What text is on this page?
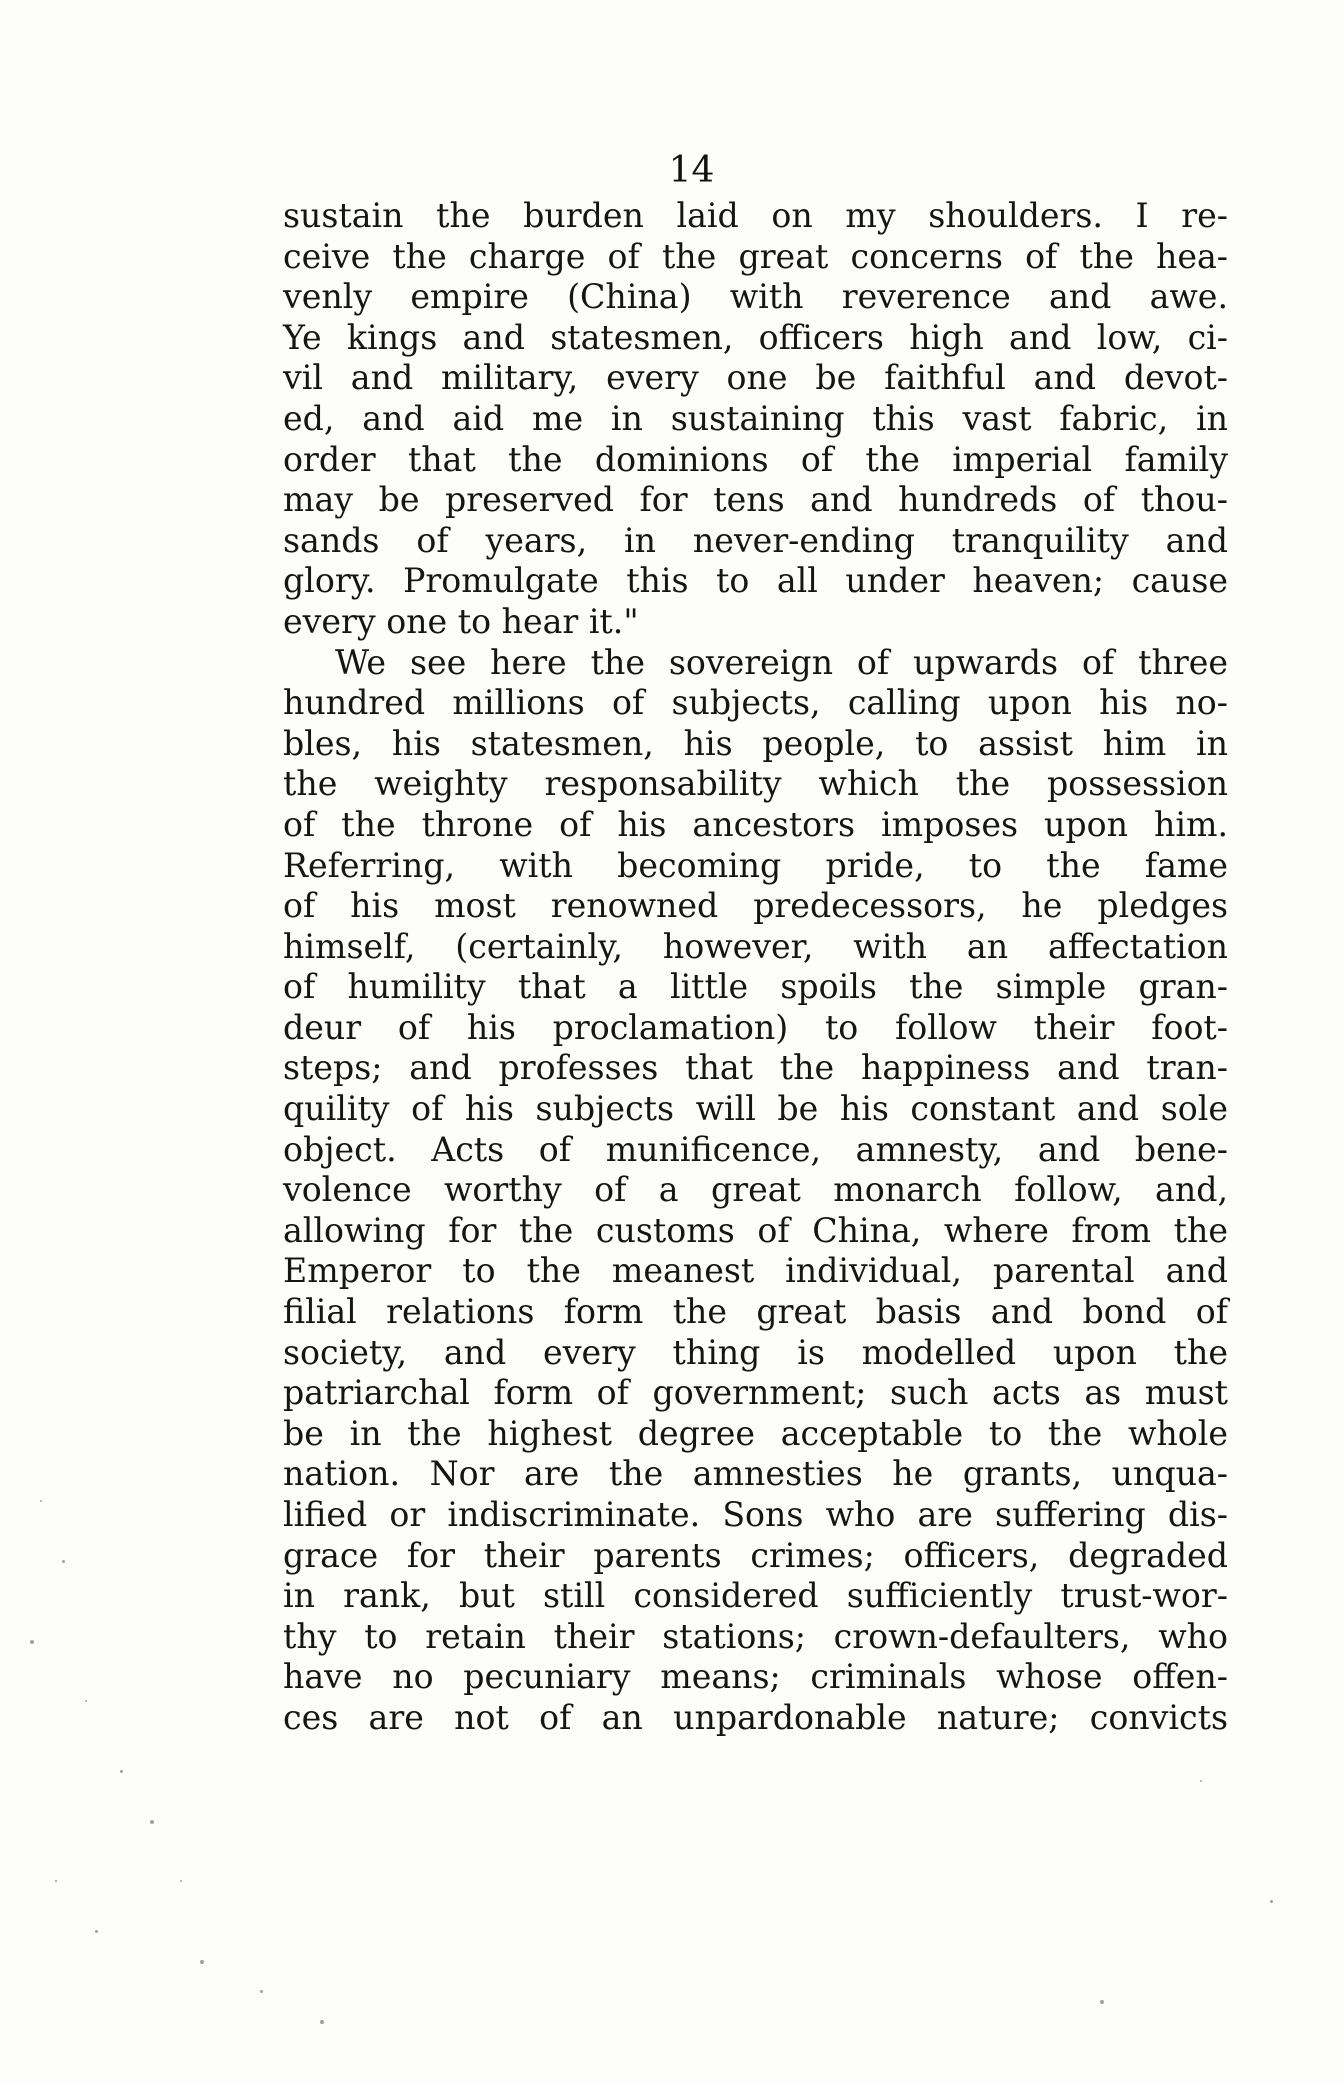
14
sustain the burden laid on my shoulders. I re-
ceive the charge of the great concerns of the hea-
venly empire (China) with reverence and awe.
Ye kings and statesmen, officers high and low, ci-
vil and military, every one be faithful and devot-
ed, and aid me in sustaining this vast fabric, in
order that the dominions of the imperial family
may be preserved for tens and hundreds of thou-
sands of years, in never-ending tranquility and
glory. Promulgate this to all under heaven; cause
every one to hear it."
We see here the sovereign of upwards of three
hundred millions of subjects, calling upon his no-
bles, his statesmen, his people, to assist him in
the weighty responsability which the possession
of the throne of his ancestors imposes upon him.
Referring, with becoming pride, to the fame
of his most renowned predecessors, he pledges
himself, (certainly, however, with an affectation
of humility that a little spoils the simple gran-
deur of his proclamation) to follow their foot-
steps; and professes that the happiness and tran-
quility of his subjects will be his constant and sole
object. Acts of munificence, amnesty, and bene-
volence worthy of a great monarch follow, and,
allowing for the customs of China, where from the
Emperor to the meanest individual, parental and
filial relations form the great basis and bond of
society, and every thing is modelled upon the
patriarchal form of government; such acts as must
be in the highest degree acceptable to the whole
nation. Nor are the amnesties he grants, unqua-
lified or indiscriminate. Sons who are suffering dis-
grace for their parents crimes; officers, degraded
in rank, but still considered sufficiently trust-wor-
thy to retain their stations; crown-defaulters, who
have no pecuniary means; criminals whose offen-
ces are not of an unpardonable nature; convicts
